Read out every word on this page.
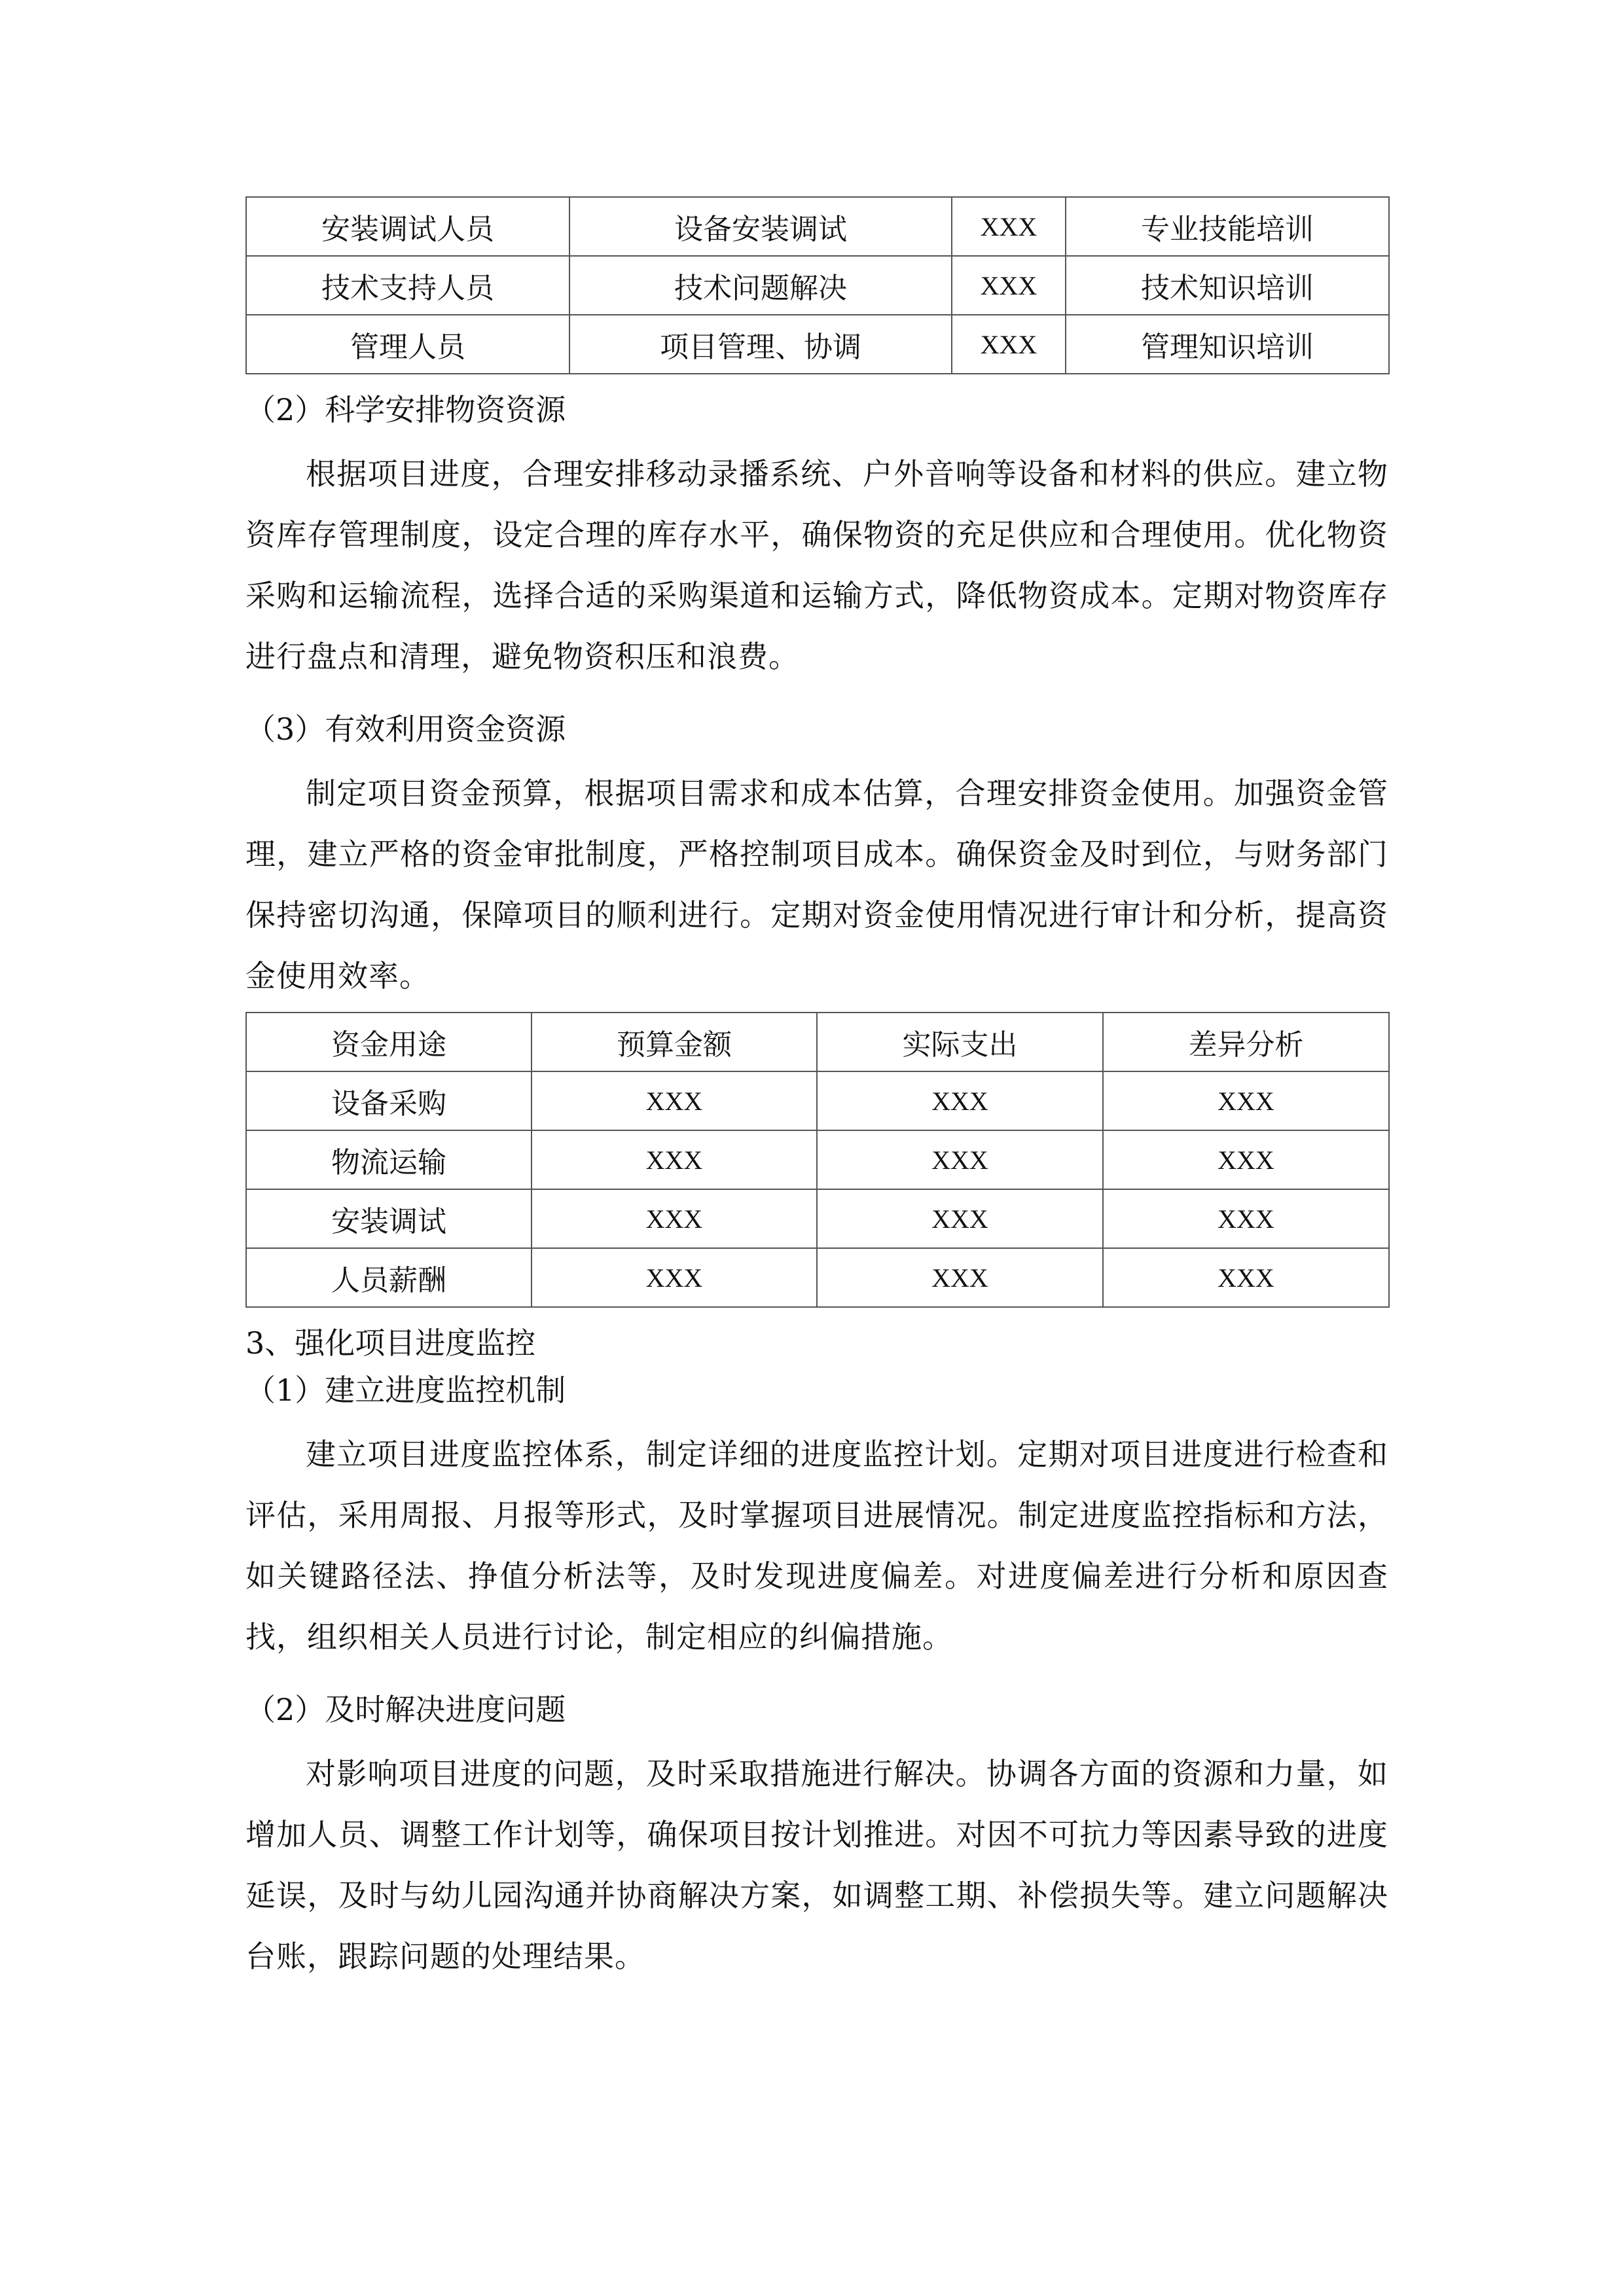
安装调试人员	设备安装调试	XXX	专业技能培训
技术支持人员	技术问题解决	XXX	技术知识培训
管理人员	项目管理、协调	XXX	管理知识培训

（2）科学安排物资资源

根据项目进度，合理安排移动录播系统、户外音响等设备和材料的供应。建立物资库存管理制度，设定合理的库存水平，确保物资的充足供应和合理使用。优化物资采购和运输流程，选择合适的采购渠道和运输方式，降低物资成本。定期对物资库存进行盘点和清理，避免物资积压和浪费。

（3）有效利用资金资源

制定项目资金预算，根据项目需求和成本估算，合理安排资金使用。加强资金管理，建立严格的资金审批制度，严格控制项目成本。确保资金及时到位，与财务部门保持密切沟通，保障项目的顺利进行。定期对资金使用情况进行审计和分析，提高资金使用效率。

资金用途	预算金额	实际支出	差异分析
设备采购	XXX	XXX	XXX
物流运输	XXX	XXX	XXX
安装调试	XXX	XXX	XXX
人员薪酬	XXX	XXX	XXX

3、强化项目进度监控

（1）建立进度监控机制

建立项目进度监控体系，制定详细的进度监控计划。定期对项目进度进行检查和评估，采用周报、月报等形式，及时掌握项目进展情况。制定进度监控指标和方法，如关键路径法、挣值分析法等，及时发现进度偏差。对进度偏差进行分析和原因查找，组织相关人员进行讨论，制定相应的纠偏措施。

（2）及时解决进度问题

对影响项目进度的问题，及时采取措施进行解决。协调各方面的资源和力量，如增加人员、调整工作计划等，确保项目按计划推进。对因不可抗力等因素导致的进度延误，及时与幼儿园沟通并协商解决方案，如调整工期、补偿损失等。建立问题解决台账，跟踪问题的处理结果。
